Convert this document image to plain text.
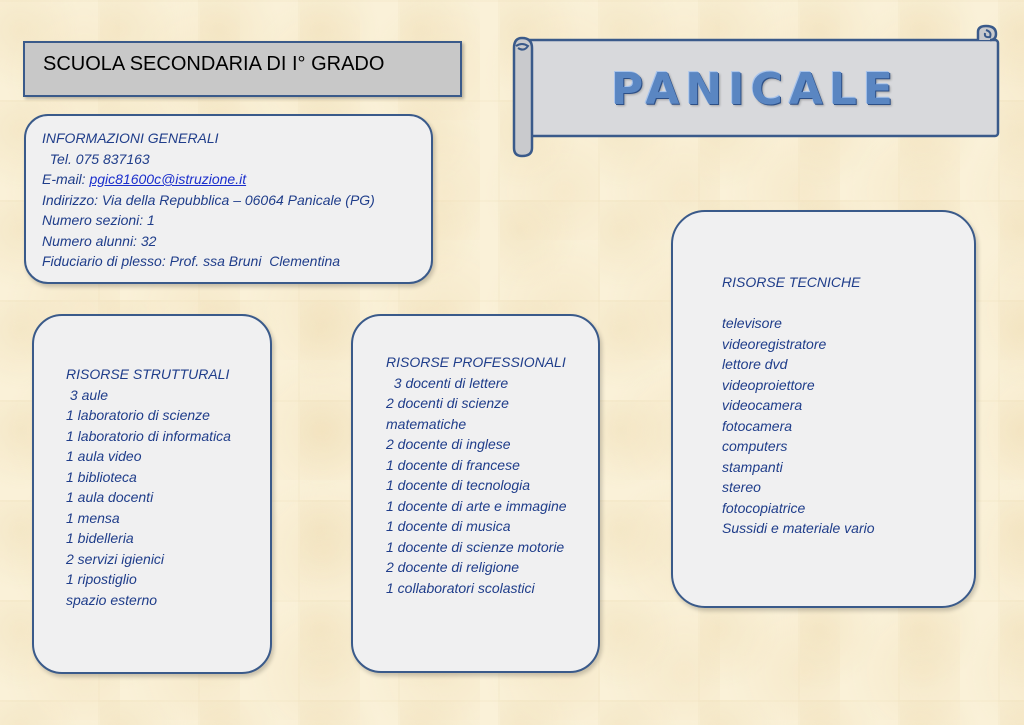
SCUOLA SECONDARIA DI I° GRADO	PANICALE
INFORMAZIONI GENERALI
Tel. 075 837163
E-mail: pgic81600c@istruzione.it
Indirizzo: Via della Repubblica – 06064 Panicale (PG)
Numero sezioni: 1
Numero alunni: 32
Fiduciario di plesso: Prof. ssa Bruni  Clementina
RISORSE STRUTTURALI
3 aule
1 laboratorio di scienze
1 laboratorio di informatica
1 aula video
1 biblioteca
1 aula docenti
1 mensa
1 bidelleria
2 servizi igienici
1 ripostiglio
spazio esterno
RISORSE PROFESSIONALI
3 docenti di lettere
2 docenti di scienze matematiche
2 docente di inglese
1 docente di francese
1 docente di tecnologia
1 docente di arte e immagine
1 docente di musica
1 docente di scienze motorie
2 docente di religione
1 collaboratori scolastici
RISORSE TECNICHE
televisore
videoregistratore
lettore dvd
videoproiettore
videocamera
fotocamera
computers
stampanti
stereo
fotocopiatrice
Sussidi e materiale vario
